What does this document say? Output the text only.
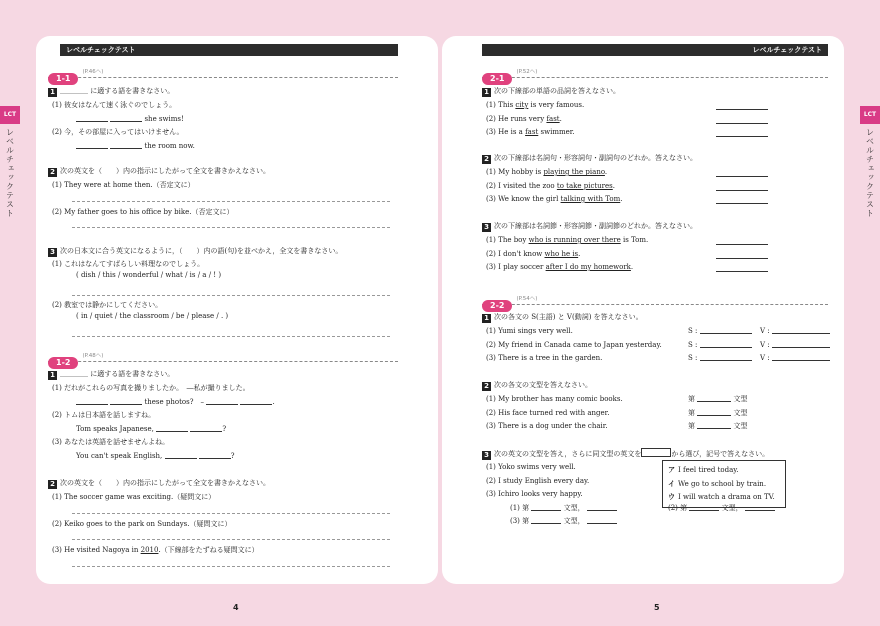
レベルチェックテスト	レベルチェックテスト
LCT
レベルチェックテスト
LCT
レベルチェックテスト
4	5
1-1$^{(P.46へ)}$
1 ＿＿＿＿ に適する語を書きなさい。
(1) 彼女はなんて速く泳ぐのでしょう。
she swims!
(2) 今，その部屋に入ってはいけません。
the room now.
2 次の英文を（　　）内の指示にしたがって全文を書きかえなさい。
(1) They were at home then.（否定文に）
(2) My father goes to his office by bike.（否定文に）
3 次の日本文に合う英文になるように，（　　）内の語(句)を並べかえ，全文を書きなさい。
(1) これはなんてすばらしい料理なのでしょう。
( dish / this / wonderful / what / is / a / ! )
(2) 教室では静かにしてください。
( in / quiet / the classroom / be / please / . )
1-2$^{(P.48へ)}$
1 ＿＿＿＿ に適する語を書きなさい。
(1) だれがこれらの写真を撮りましたか。　―私が撮りました。
these photos?　–	.
(2) トムは日本語を話しますね。
Tom speaks Japanese,	?
(3) あなたは英語を話せませんよね。
You can't speak English,	?
2 次の英文を（　　）内の指示にしたがって全文を書きかえなさい。
(1) The soccer game was exciting.（疑問文に）
(2) Keiko goes to the park on Sundays.（疑問文に）
(3) He visited Nagoya in 2010.（下線部をたずねる疑問文に）
2-1$^{(P.52へ)}$
1 次の下線部の単語の品詞を答えなさい。
(1) This city is very famous.
(2) He runs very fast.
(3) He is a fast swimmer.
2 次の下線部は名詞句・形容詞句・副詞句のどれか。答えなさい。
(1) My hobby is playing the piano.
(2) I visited the zoo to take pictures.
(3) We know the girl talking with Tom.
3 次の下線部は名詞節・形容詞節・副詞節のどれか。答えなさい。
(1) The boy who is running over there is Tom.
(2) I don't know who he is.
(3) I play soccer after I do my homework.
2-2$^{(P.54へ)}$
1 次の各文の S(主語) と V(動詞) を答えなさい。
(1) Yumi sings very well.	S :	V :
(2) My friend in Canada came to Japan yesterday.	S :	V :
(3) There is a tree in the garden.	S :	V :
2 次の各文の文型を答えなさい。
(1) My brother has many comic books.	第	文型
(2) His face turned red with anger.	第	文型
(3) There is a dog under the chair.	第	文型
3 次の英文の文型を答え，さらに同文型の英文を	から選び，記号で答えなさい。
(1) Yoko swims very well.
(2) I study English every day.
(3) Ichiro looks very happy.
(1) 第	文型，	(2) 第	文型，
(3) 第	文型，
ア I feel tired today.
イ We go to school by train.
ウ I will watch a drama on TV.
